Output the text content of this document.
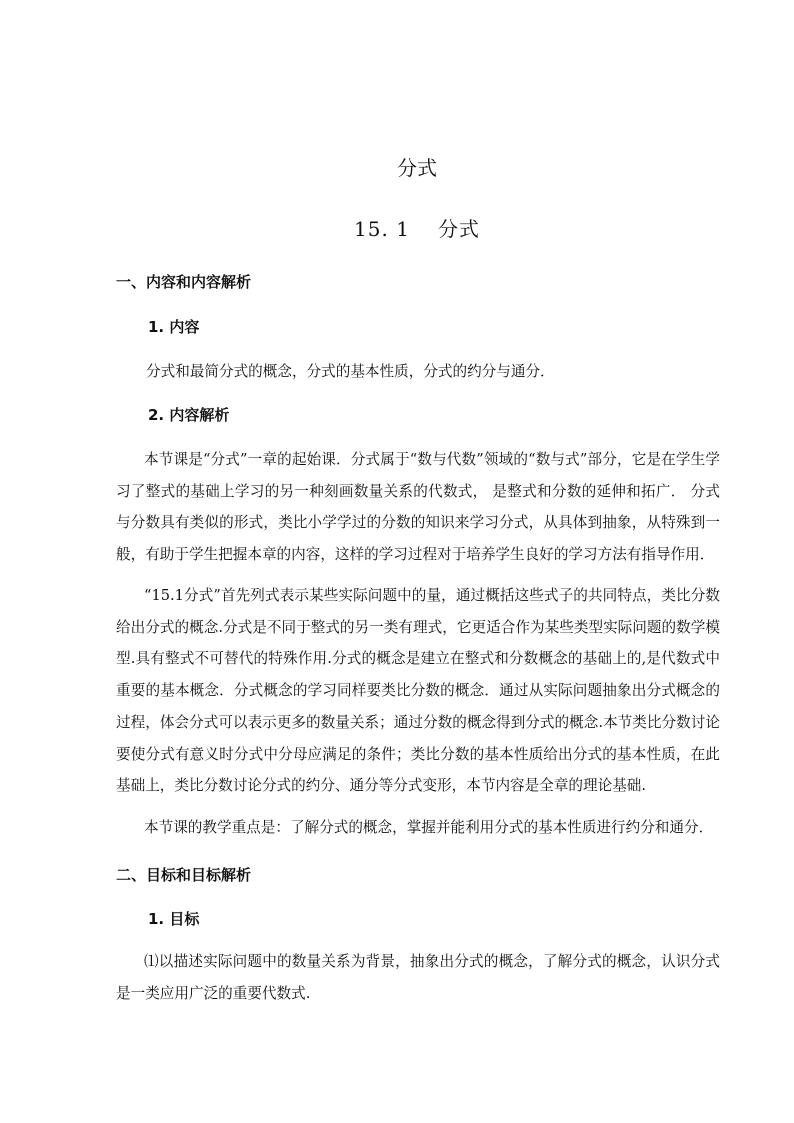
分式
15. 1 分式
一、内容和内容解析
1. 内容
分式和最简分式的概念，分式的基本性质，分式的约分与通分．
2. 内容解析
本节课是“分式”一章的起始课．分式属于“数与代数”领域的“数与式”部分，它是在学生学习了整式的基础上学习的另一种刻画数量关系的代数式， 是整式和分数的延伸和拓广． 分式与分数具有类似的形式，类比小学学过的分数的知识来学习分式，从具体到抽象，从特殊到一般，有助于学生把握本章的内容，这样的学习过程对于培养学生良好的学习方法有指导作用．
“15.1分式”首先列式表示某些实际问题中的量，通过概括这些式子的共同特点，类比分数给出分式的概念.分式是不同于整式的另一类有理式，它更适合作为某些类型实际问题的数学模型.具有整式不可替代的特殊作用.分式的概念是建立在整式和分数概念的基础上的,是代数式中重要的基本概念．分式概念的学习同样要类比分数的概念．通过从实际问题抽象出分式概念的过程，体会分式可以表示更多的数量关系；通过分数的概念得到分式的概念.本节类比分数讨论要使分式有意义时分式中分母应满足的条件；类比分数的基本性质给出分式的基本性质，在此基础上，类比分数讨论分式的约分、通分等分式变形，本节内容是全章的理论基础.
本节课的教学重点是：了解分式的概念，掌握并能利用分式的基本性质进行约分和通分．
二、目标和目标解析
1. 目标
⑴以描述实际问题中的数量关系为背景，抽象出分式的概念，了解分式的概念，认识分式是一类应用广泛的重要代数式.
